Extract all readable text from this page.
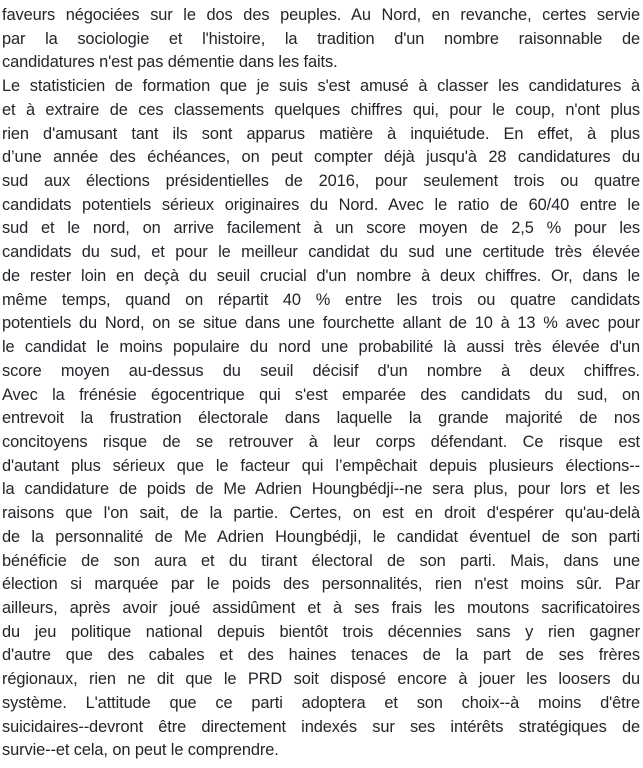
faveurs négociées sur le dos des peuples. Au Nord, en revanche, certes servie
par la sociologie et l'histoire, la tradition d'un nombre raisonnable de
candidatures n'est pas démentie dans les faits.
Le statisticien de formation que je suis s'est amusé à classer les candidatures à
et à extraire de ces classements quelques chiffres qui, pour le coup, n'ont plus
rien d'amusant tant ils sont apparus matière à inquiétude. En effet, à plus
d’une année des échéances, on peut compter déjà jusqu'à 28 candidatures du
sud aux élections présidentielles de 2016, pour seulement trois ou quatre
candidats potentiels sérieux originaires du Nord. Avec le ratio de 60/40 entre le
sud et le nord, on arrive facilement à un score moyen de 2,5 % pour les
candidats du sud, et pour le meilleur candidat du sud une certitude très élevée
de rester loin en deçà du seuil crucial d'un nombre à deux chiffres. Or, dans le
même temps, quand on répartit 40 % entre les trois ou quatre candidats
potentiels du Nord, on se situe dans une fourchette allant de 10 à 13 % avec pour
le candidat le moins populaire du nord une probabilité là aussi très élevée d'un
score moyen au-dessus du seuil décisif d'un nombre à deux chiffres.
Avec la frénésie égocentrique qui s'est emparée des candidats du sud, on
entrevoit la frustration électorale dans laquelle la grande majorité de nos
concitoyens risque de se retrouver à leur corps défendant. Ce risque est
d'autant plus sérieux que le facteur qui l’empêchait depuis plusieurs élections--
la candidature de poids de Me Adrien Houngbédji--ne sera plus, pour lors et les
raisons que l'on sait, de la partie. Certes, on est en droit d'espérer qu'au-delà
de la personnalité de Me Adrien Houngbédji, le candidat éventuel de son parti
bénéficie de son aura et du tirant électoral de son parti. Mais, dans une
élection si marquée par le poids des personnalités, rien n'est moins sûr. Par
ailleurs, après avoir joué assidûment et à ses frais les moutons sacrificatoires
du jeu politique national depuis bientôt trois décennies sans y rien gagner
d'autre que des cabales et des haines tenaces de la part de ses frères
régionaux, rien ne dit que le PRD soit disposé encore à jouer les loosers du
système. L'attitude que ce parti adoptera et son choix--à moins d'être
suicidaires--devront être directement indexés sur ses intérêts stratégiques de
survie--et cela, on peut le comprendre.
